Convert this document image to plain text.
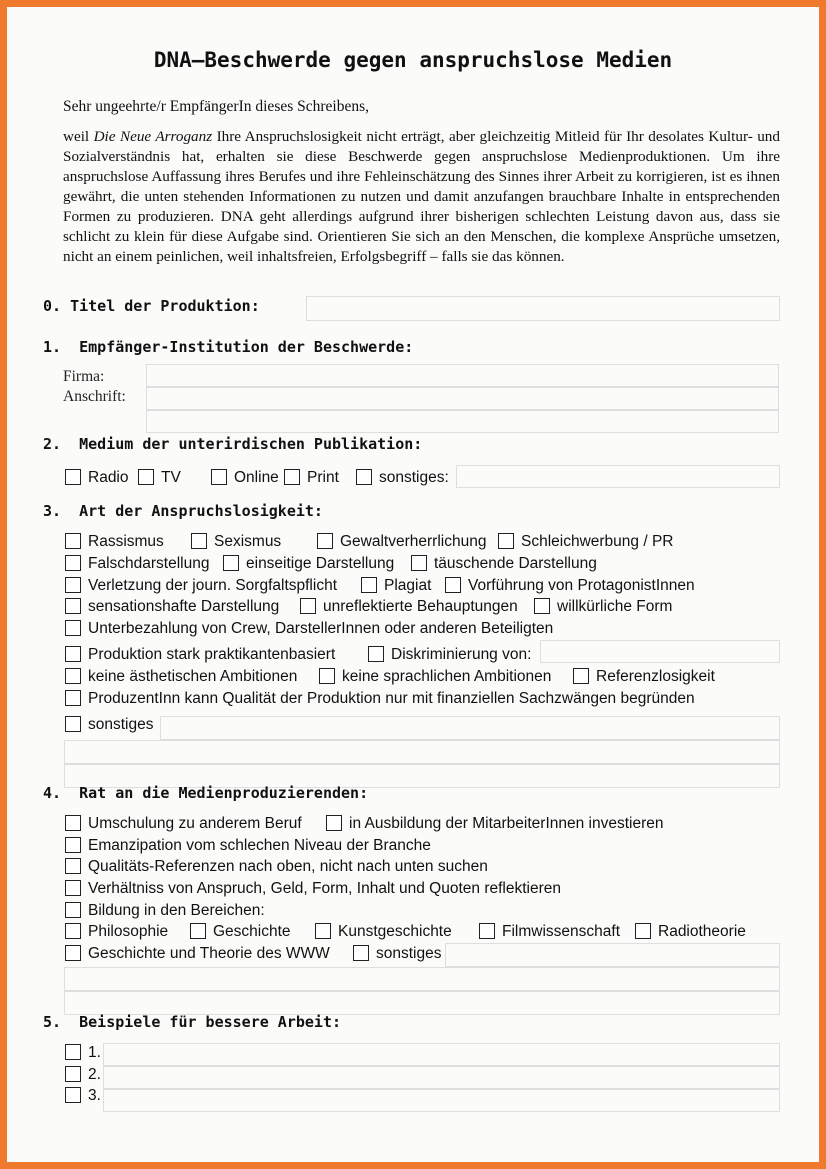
DNA–Beschwerde gegen anspruchslose Medien
Sehr ungeehrte/r EmpfängerIn dieses Schreibens,

weil Die Neue Arroganz Ihre Anspruchslosigkeit nicht erträgt, aber gleichzeitig Mitleid für Ihr desolates Kultur- und Sozialverständnis hat, erhalten sie diese Beschwerde gegen anspruchslose Medienproduktionen. Um ihre anspruchslose Auffassung ihres Berufes und ihre Fehleinschätzung des Sinnes ihrer Arbeit zu korrigieren, ist es ihnen gewährt, die unten stehenden Informationen zu nutzen und damit anzufangen brauchbare Inhalte in entsprechenden Formen zu produzieren. DNA geht allerdings aufgrund ihrer bisherigen schlechten Leistung davon aus, dass sie schlicht zu klein für diese Aufgabe sind. Orientieren Sie sich an den Menschen, die komplexe Ansprüche umsetzen, nicht an einem peinlichen, weil inhaltsfreien, Erfolgsbegriff – falls sie das können.

0. Titel der Produktion:
1.  Empfänger-Institution der Beschwerde:
Firma:
Anschrift:
2.  Medium der unterirdischen Publikation:
Radio TV	Online Print	sonstiges:
3.  Art der Anspruchslosigkeit:
Rassismus	Sexismus	Gewaltverherrlichung	Schleichwerbung / PR
Falschdarstellung einseitige Darstellung	täuschende Darstellung
Verletzung der journ. Sorgfaltspflicht	Plagiat Vorführung von ProtagonistInnen
sensationshafte Darstellung	unreflektierte Behauptungen	willkürliche Form
Unterbezahlung von Crew, DarstellerInnen oder anderen Beteiligten
Produktion stark praktikantenbasiert	Diskriminierung von:
keine ästhetischen Ambitionen	keine sprachlichen Ambitionen	Referenzlosigkeit
ProduzentInn kann Qualität der Produktion nur mit finanziellen Sachzwängen begründen
sonstiges
4.  Rat an die Medienproduzierenden:
Umschulung zu anderem Beruf	in Ausbildung der MitarbeiterInnen investieren
Emanzipation vom schlechen Niveau der Branche
Qualitäts-Referenzen nach oben, nicht nach unten suchen
Verhältniss von Anspruch, Geld, Form, Inhalt und Quoten reflektieren
Bildung in den Bereichen:
Philosophie	Geschichte	Kunstgeschichte	Filmwissenschaft Radiotheorie
Geschichte und Theorie des WWW	sonstiges
5.  Beispiele für bessere Arbeit:
1.
2.
3.
